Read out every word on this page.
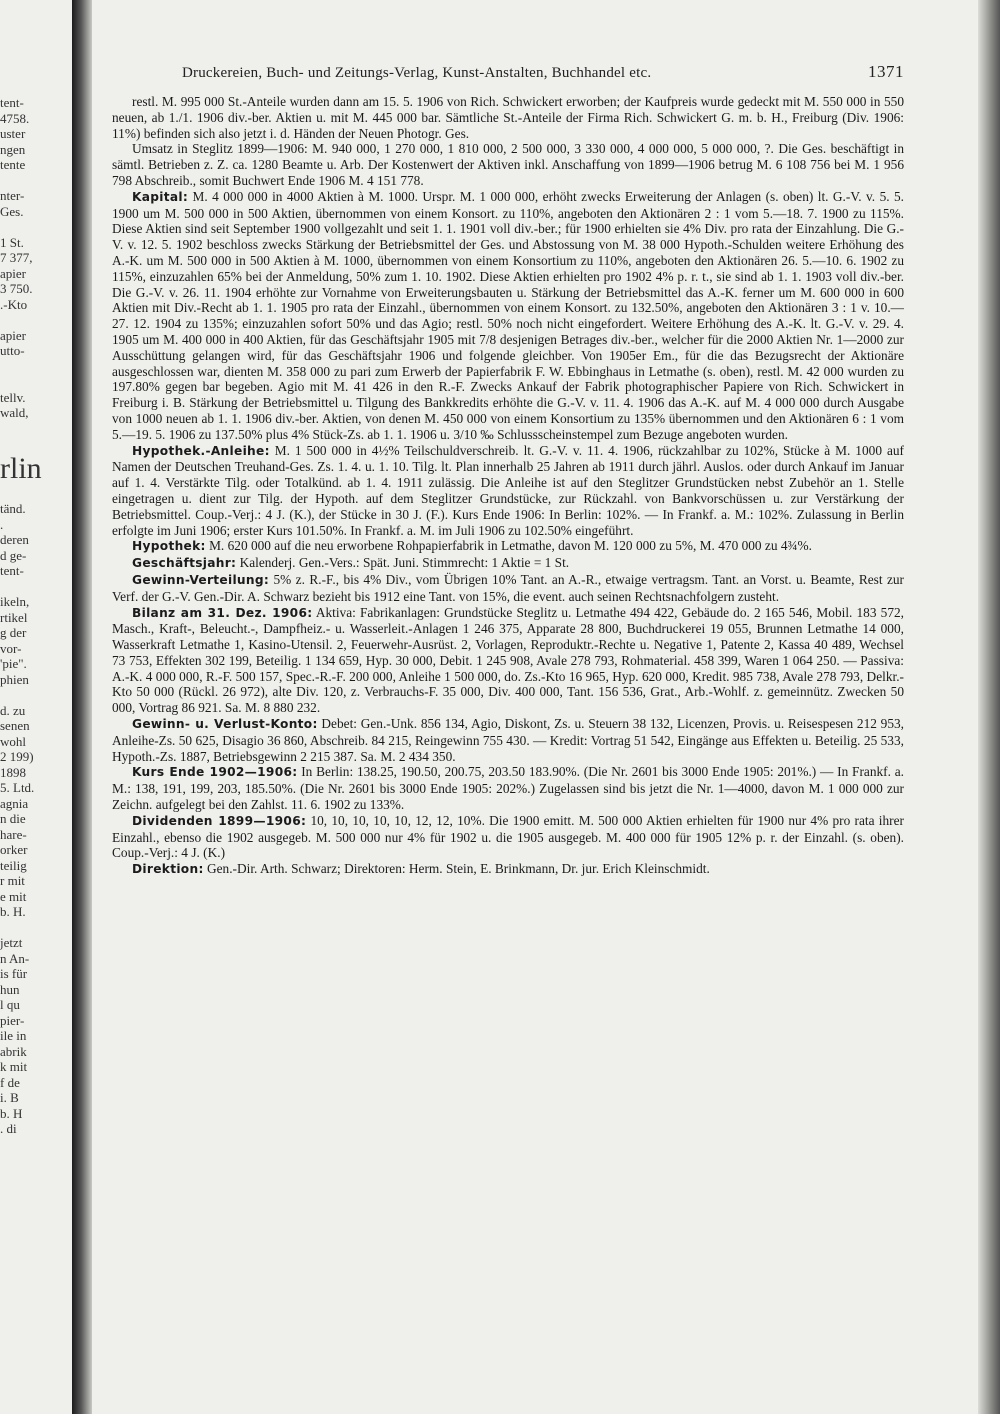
tent-
4758.
uster
ngen
tente
nter-
Ges.
1 St.
7 377,
apier
3 750.
.-Kto
apier
utto-
tellv.
wald,
rlin
tänd.
.
deren
d ge-
tent-
ikeln,
rtikel
g der
vor-
'pie".
phien
d. zu
senen
wohl
2 199)
1898
5. Ltd.
agnia
n die
hare-
orker
teilig
r mit
e mit
b. H.
jetzt
n An-
is für
hun
l qu
pier-
ile in
abrik
k mit
f de
i. B
b. H
. di
Druckereien, Buch- und Zeitungs-Verlag, Kunst-Anstalten, Buchhandel etc.	1371

restl. M. 995 000 St.-Anteile wurden dann am 15. 5. 1906 von Rich. Schwickert erworben; der Kaufpreis wurde gedeckt mit M. 550 000 in 550 neuen, ab 1./1. 1906 div.-ber. Aktien u. mit M. 445 000 bar. Sämtliche St.-Anteile der Firma Rich. Schwickert G. m. b. H., Freiburg (Div. 1906: 11%) befinden sich also jetzt i. d. Händen der Neuen Photogr. Ges.

Umsatz in Steglitz 1899—1906: M. 940 000, 1 270 000, 1 810 000, 2 500 000, 3 330 000, 4 000 000, 5 000 000, ?. Die Ges. beschäftigt in sämtl. Betrieben z. Z. ca. 1280 Beamte u. Arb. Der Kostenwert der Aktiven inkl. Anschaffung von 1899—1906 betrug M. 6 108 756 bei M. 1 956 798 Abschreib., somit Buchwert Ende 1906 M. 4 151 778.

Kapital: M. 4 000 000 in 4000 Aktien à M. 1000. Urspr. M. 1 000 000, erhöht zwecks Erweiterung der Anlagen (s. oben) lt. G.-V. v. 5. 5. 1900 um M. 500 000 in 500 Aktien, übernommen von einem Konsort. zu 110%, angeboten den Aktionären 2 : 1 vom 5.—18. 7. 1900 zu 115%. Diese Aktien sind seit September 1900 vollgezahlt und seit 1. 1. 1901 voll div.-ber.; für 1900 erhielten sie 4% Div. pro rata der Einzahlung. Die G.-V. v. 12. 5. 1902 beschloss zwecks Stärkung der Betriebsmittel der Ges. und Abstossung von M. 38 000 Hypoth.-Schulden weitere Erhöhung des A.-K. um M. 500 000 in 500 Aktien à M. 1000, übernommen von einem Konsortium zu 110%, angeboten den Aktionären 26. 5.—10. 6. 1902 zu 115%, einzuzahlen 65% bei der Anmeldung, 50% zum 1. 10. 1902. Diese Aktien erhielten pro 1902 4% p. r. t., sie sind ab 1. 1. 1903 voll div.-ber. Die G.-V. v. 26. 11. 1904 erhöhte zur Vornahme von Erweiterungsbauten u. Stärkung der Betriebsmittel das A.-K. ferner um M. 600 000 in 600 Aktien mit Div.-Recht ab 1. 1. 1905 pro rata der Einzahl., übernommen von einem Konsort. zu 132.50%, angeboten den Aktionären 3 : 1 v. 10.—27. 12. 1904 zu 135%; einzuzahlen sofort 50% und das Agio; restl. 50% noch nicht eingefordert. Weitere Erhöhung des A.-K. lt. G.-V. v. 29. 4. 1905 um M. 400 000 in 400 Aktien, für das Geschäftsjahr 1905 mit 7/8 desjenigen Betrages div.-ber., welcher für die 2000 Aktien Nr. 1—2000 zur Ausschüttung gelangen wird, für das Geschäftsjahr 1906 und folgende gleichber. Von 1905er Em., für die das Bezugsrecht der Aktionäre ausgeschlossen war, dienten M. 358 000 zu pari zum Erwerb der Papierfabrik F. W. Ebbinghaus in Letmathe (s. oben), restl. M. 42 000 wurden zu 197.80% gegen bar begeben. Agio mit M. 41 426 in den R.-F. Zwecks Ankauf der Fabrik photographischer Papiere von Rich. Schwickert in Freiburg i. B. Stärkung der Betriebsmittel u. Tilgung des Bankkredits erhöhte die G.-V. v. 11. 4. 1906 das A.-K. auf M. 4 000 000 durch Ausgabe von 1000 neuen ab 1. 1. 1906 div.-ber. Aktien, von denen M. 450 000 von einem Konsortium zu 135% übernommen und den Aktionären 6 : 1 vom 5.—19. 5. 1906 zu 137.50% plus 4% Stück-Zs. ab 1. 1. 1906 u. 3/10 ‰ Schlussscheinstempel zum Bezuge angeboten wurden.

Hypothek.-Anleihe: M. 1 500 000 in 4½% Teilschuldverschreib. lt. G.-V. v. 11. 4. 1906, rückzahlbar zu 102%, Stücke à M. 1000 auf Namen der Deutschen Treuhand-Ges. Zs. 1. 4. u. 1. 10. Tilg. lt. Plan innerhalb 25 Jahren ab 1911 durch jährl. Auslos. oder durch Ankauf im Januar auf 1. 4. Verstärkte Tilg. oder Totalkünd. ab 1. 4. 1911 zulässig. Die Anleihe ist auf den Steglitzer Grundstücken nebst Zubehör an 1. Stelle eingetragen u. dient zur Tilg. der Hypoth. auf dem Steglitzer Grundstücke, zur Rückzahl. von Bankvorschüssen u. zur Verstärkung der Betriebsmittel. Coup.-Verj.: 4 J. (K.), der Stücke in 30 J. (F.). Kurs Ende 1906: In Berlin: 102%. — In Frankf. a. M.: 102%. Zulassung in Berlin erfolgte im Juni 1906; erster Kurs 101.50%. In Frankf. a. M. im Juli 1906 zu 102.50% eingeführt.

Hypothek: M. 620 000 auf die neu erworbene Rohpapierfabrik in Letmathe, davon M. 120 000 zu 5%, M. 470 000 zu 4¾%.

Geschäftsjahr: Kalenderj. Gen.-Vers.: Spät. Juni. Stimmrecht: 1 Aktie = 1 St.

Gewinn-Verteilung: 5% z. R.-F., bis 4% Div., vom Übrigen 10% Tant. an A.-R., etwaige vertragsm. Tant. an Vorst. u. Beamte, Rest zur Verf. der G.-V. Gen.-Dir. A. Schwarz bezieht bis 1912 eine Tant. von 15%, die event. auch seinen Rechtsnachfolgern zusteht.

Bilanz am 31. Dez. 1906: Aktiva: Fabrikanlagen: Grundstücke Steglitz u. Letmathe 494 422, Gebäude do. 2 165 546, Mobil. 183 572, Masch., Kraft-, Beleucht.-, Dampfheiz.- u. Wasserleit.-Anlagen 1 246 375, Apparate 28 800, Buchdruckerei 19 055, Brunnen Letmathe 14 000, Wasserkraft Letmathe 1, Kasino-Utensil. 2, Feuerwehr-Ausrüst. 2, Vorlagen, Reproduktr.-Rechte u. Negative 1, Patente 2, Kassa 40 489, Wechsel 73 753, Effekten 302 199, Beteilig. 1 134 659, Hyp. 30 000, Debit. 1 245 908, Avale 278 793, Rohmaterial. 458 399, Waren 1 064 250. — Passiva: A.-K. 4 000 000, R.-F. 500 157, Spec.-R.-F. 200 000, Anleihe 1 500 000, do. Zs.-Kto 16 965, Hyp. 620 000, Kredit. 985 738, Avale 278 793, Delkr.-Kto 50 000 (Rückl. 26 972), alte Div. 120, z. Verbrauchs-F. 35 000, Div. 400 000, Tant. 156 536, Grat., Arb.-Wohlf. z. gemeinnütz. Zwecken 50 000, Vortrag 86 921. Sa. M. 8 880 232.

Gewinn- u. Verlust-Konto: Debet: Gen.-Unk. 856 134, Agio, Diskont, Zs. u. Steuern 38 132, Licenzen, Provis. u. Reisespesen 212 953, Anleihe-Zs. 50 625, Disagio 36 860, Abschreib. 84 215, Reingewinn 755 430. — Kredit: Vortrag 51 542, Eingänge aus Effekten u. Beteilig. 25 533, Hypoth.-Zs. 1887, Betriebsgewinn 2 215 387. Sa. M. 2 434 350.

Kurs Ende 1902—1906: In Berlin: 138.25, 190.50, 200.75, 203.50 183.90%. (Die Nr. 2601 bis 3000 Ende 1905: 201%.) — In Frankf. a. M.: 138, 191, 199, 203, 185.50%. (Die Nr. 2601 bis 3000 Ende 1905: 202%.) Zugelassen sind bis jetzt die Nr. 1—4000, davon M. 1 000 000 zur Zeichn. aufgelegt bei den Zahlst. 11. 6. 1902 zu 133%.

Dividenden 1899—1906: 10, 10, 10, 10, 10, 12, 12, 10%. Die 1900 emitt. M. 500 000 Aktien erhielten für 1900 nur 4% pro rata ihrer Einzahl., ebenso die 1902 ausgegeb. M. 500 000 nur 4% für 1902 u. die 1905 ausgegeb. M. 400 000 für 1905 12% p. r. der Einzahl. (s. oben). Coup.-Verj.: 4 J. (K.)

Direktion: Gen.-Dir. Arth. Schwarz; Direktoren: Herm. Stein, E. Brinkmann, Dr. jur. Erich Kleinschmidt.
